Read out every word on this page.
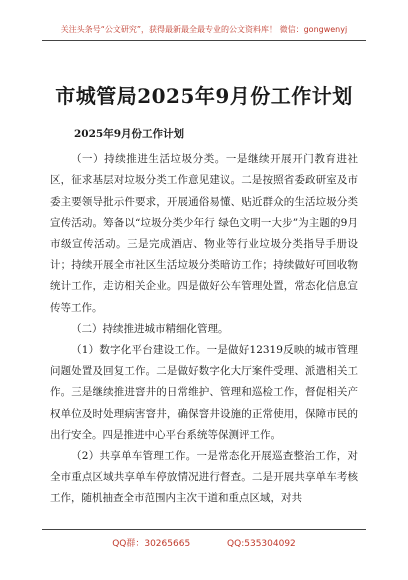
关注头条号“公文研究”，获得最新最全最专业的公文资料库！ 微信：gongwenyj
市城管局2025年9月份工作计划
2025年9月份工作计划

（一）持续推进生活垃圾分类。一是继续开展开门教育进社区，征求基层对垃圾分类工作意见建议。二是按照省委政研室及市委主要领导批示件要求，开展通俗易懂、贴近群众的生活垃圾分类宣传活动。筹备以“垃圾分类少年行 绿色文明一大步”为主题的9月市级宣传活动。三是完成酒店、物业等行业垃圾分类指导手册设计；持续开展全市社区生活垃圾分类暗访工作；持续做好可回收物统计工作，走访相关企业。四是做好公车管理处置，常态化信息宣传等工作。

（二）持续推进城市精细化管理。

（1）数字化平台建设工作。一是做好12319反映的城市管理问题处置及回复工作。二是做好数字化大厅案件受理、派遣相关工作。三是继续推进窨井的日常维护、管理和巡检工作，督促相关产权单位及时处理病害窨井，确保窨井设施的正常使用，保障市民的出行安全。四是推进中心平台系统等保测评工作。

（2）共享单车管理工作。一是常态化开展巡查整治工作，对全市重点区域共享单车停放情况进行督查。二是开展共享单车考核工作，随机抽查全市范围内主次干道和重点区域，对共

QQ群：30265665	QQ:535304092
